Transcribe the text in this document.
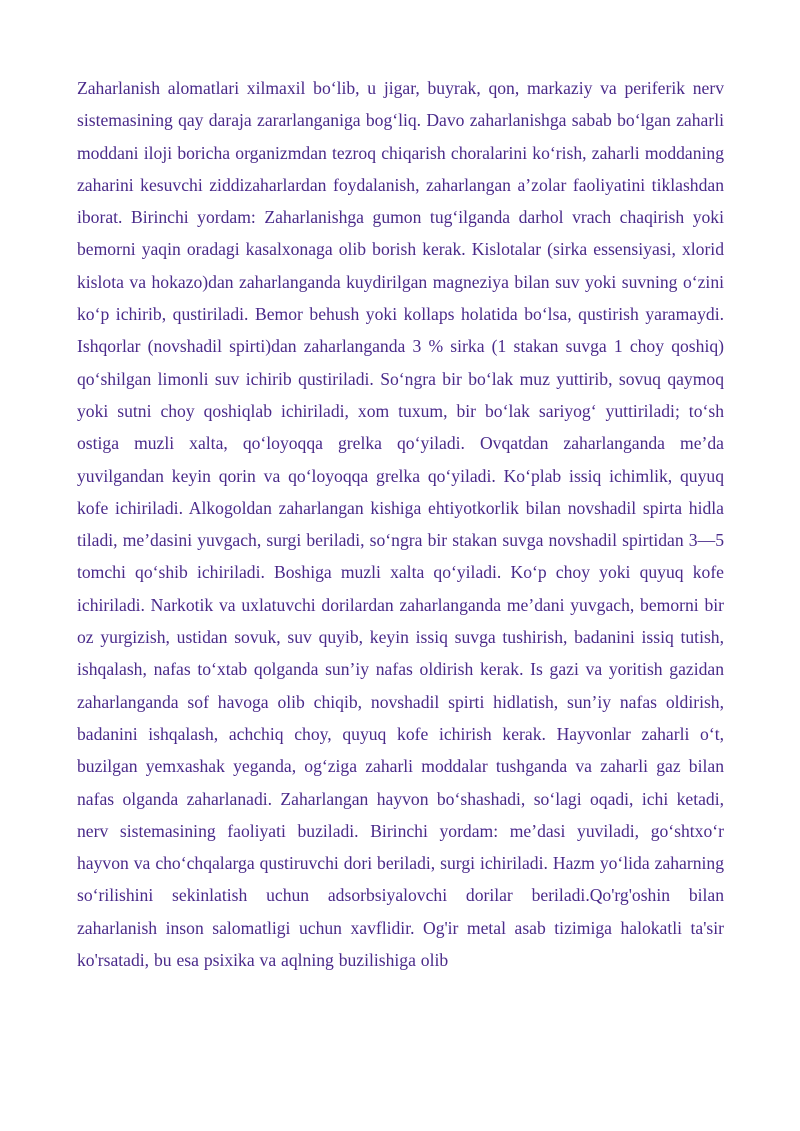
Zaharlanish alomatlari xilmaxil bo‘lib, u jigar, buyrak, qon, markaziy va periferik nerv sistemasining qay daraja zararlanganiga bog‘liq. Davo zaharlanishga sabab bo‘lgan zaharli moddani iloji boricha organizmdan tezroq chiqarish choralarini ko‘rish, zaharli moddaning zaharini kesuvchi ziddizaharlardan foydalanish, zaharlangan a’zolar faoliyatini tiklashdan iborat. Birinchi yordam: Zaharlanishga gumon tug‘ilganda darhol vrach chaqirish yoki bemorni yaqin oradagi kasalxonaga olib borish kerak. Kislotalar (sirka essensiyasi, xlorid kislota va hokazo)dan zaharlanganda kuydirilgan magneziya bilan suv yoki suvning o‘zini ko‘p ichirib, qustiriladi. Bemor behush yoki kollaps holatida bo‘lsa, qustirish yaramaydi. Ishqorlar (novshadil spirti)dan zaharlanganda 3 % sirka (1 stakan suvga 1 choy qoshiq) qo‘shilgan limonli suv ichirib qustiriladi. So‘ngra bir bo‘lak muz yuttirib, sovuq qaymoq yoki sutni choy qoshiqlab ichiriladi, xom tuxum, bir bo‘lak sariyog‘ yuttiriladi; to‘sh ostiga muzli xalta, qo‘loyoqqa grelka qo‘yiladi. Ovqatdan zaharlanganda me’da yuvilgandan keyin qorin va qo‘loyoqqa grelka qo‘yiladi. Ko‘plab issiq ichimlik, quyuq kofe ichiriladi. Alkogoldan zaharlangan kishiga ehtiyotkorlik bilan novshadil spirta hidla tiladi, me’dasini yuvgach, surgi beriladi, so‘ngra bir stakan suvga novshadil spirtidan 3—5 tomchi qo‘shib ichiriladi. Boshiga muzli xalta qo‘yiladi. Ko‘p choy yoki quyuq kofe ichiriladi. Narkotik va uxlatuvchi dorilardan zaharlanganda me’dani yuvgach, bemorni bir oz yurgizish, ustidan sovuk, suv quyib, keyin issiq suvga tushirish, badanini issiq tutish, ishqalash, nafas to‘xtab qolganda sun’iy nafas oldirish kerak. Is gazi va yoritish gazidan zaharlanganda sof havoga olib chiqib, novshadil spirti hidlatish, sun’iy nafas oldirish, badanini ishqalash, achchiq choy, quyuq kofe ichirish kerak. Hayvonlar zaharli o‘t, buzilgan yemxashak yeganda, og‘ziga zaharli moddalar tushganda va zaharli gaz bilan nafas olganda zaharlanadi. Zaharlangan hayvon bo‘shashadi, so‘lagi oqadi, ichi ketadi, nerv sistemasining faoliyati buziladi. Birinchi yordam: me’dasi yuviladi, go‘shtxo‘r hayvon va cho‘chqalarga qustiruvchi dori beriladi, surgi ichiriladi. Hazm yo‘lida zaharning so‘rilishini sekinlatish uchun adsorbsiyalovchi dorilar beriladi.Qo'rg'oshin bilan zaharlanish inson salomatligi uchun xavflidir. Og'ir metal asab tizimiga halokatli ta'sir ko'rsatadi, bu esa psixika va aqlning buzilishiga olib
